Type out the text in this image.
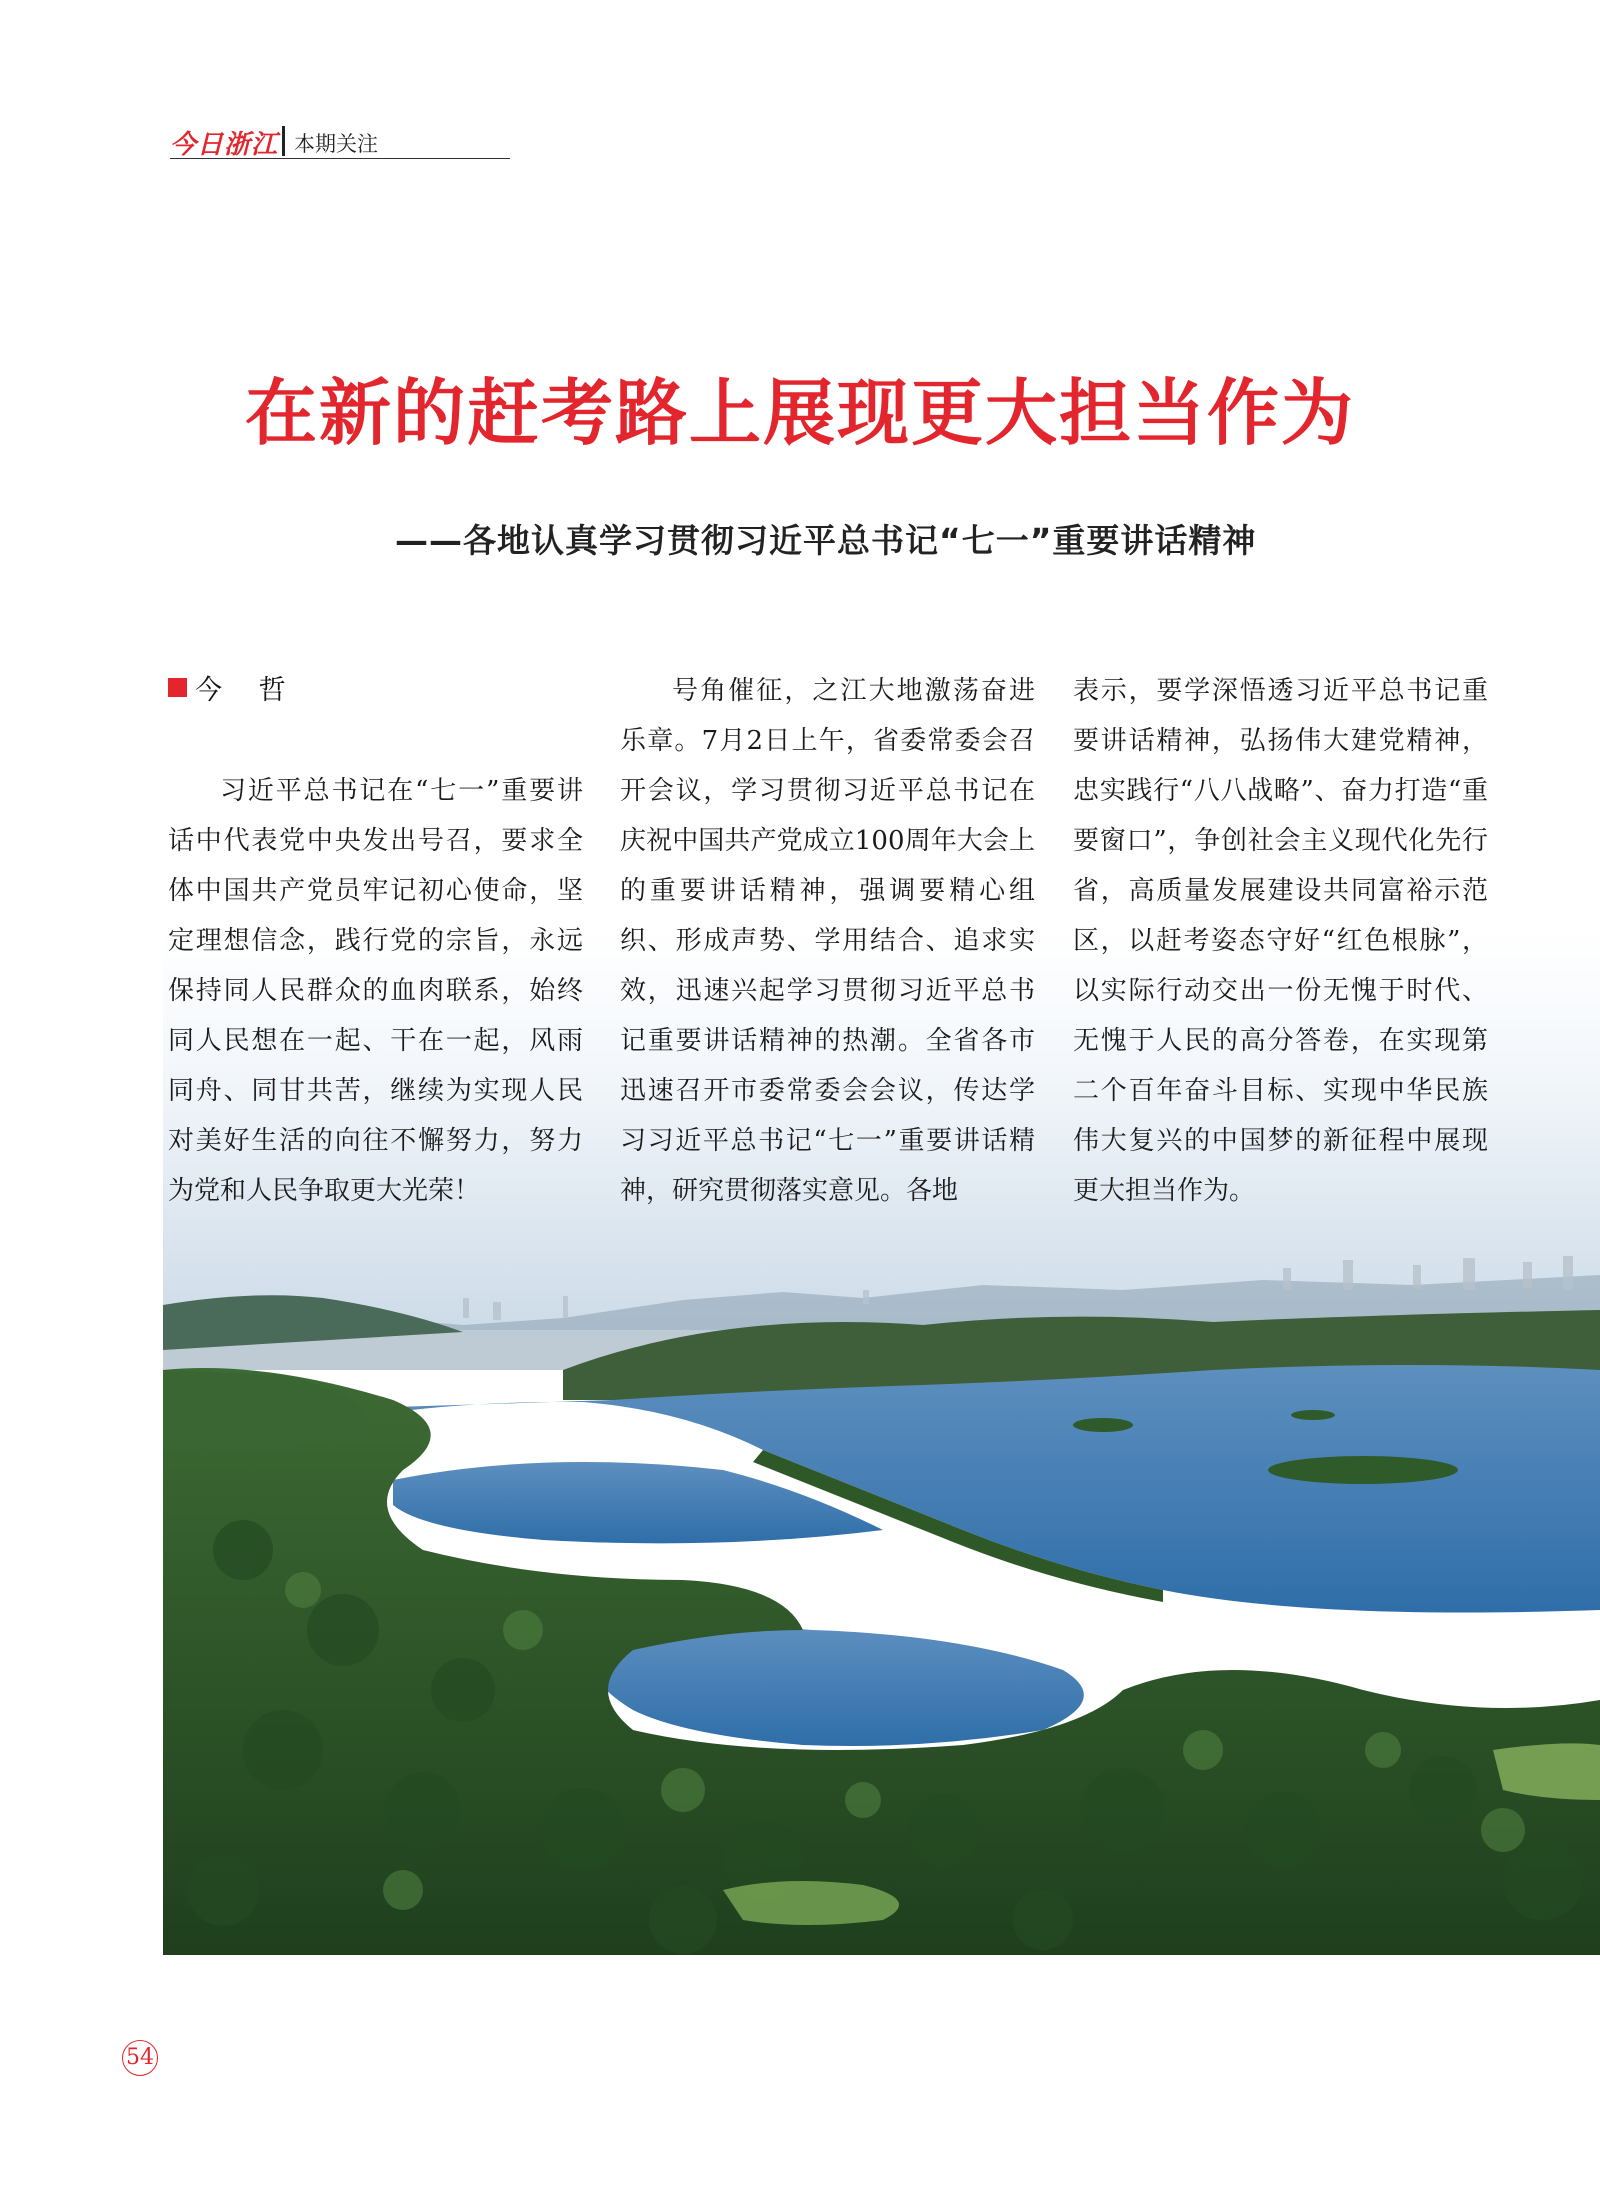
今日浙江 本期关注
在新的赶考路上展现更大担当作为
——各地认真学习贯彻习近平总书记“七一”重要讲话精神
今 哲

习近平总书记在“七一”重要讲话中代表党中央发出号召，要求全体中国共产党员牢记初心使命，坚定理想信念，践行党的宗旨，永远保持同人民群众的血肉联系，始终同人民想在一起、干在一起，风雨同舟、同甘共苦，继续为实现人民对美好生活的向往不懈努力，努力为党和人民争取更大光荣！

号角催征，之江大地激荡奋进乐章。7月2日上午，省委常委会召开会议，学习贯彻习近平总书记在庆祝中国共产党成立100周年大会上的重要讲话精神，强调要精心组织、形成声势、学用结合、追求实效，迅速兴起学习贯彻习近平总书记重要讲话精神的热潮。全省各市迅速召开市委常委会会议，传达学习习近平总书记“七一”重要讲话精神，研究贯彻落实意见。各地

表示，要学深悟透习近平总书记重要讲话精神，弘扬伟大建党精神，忠实践行“八八战略”、奋力打造“重要窗口”，争创社会主义现代化先行省，高质量发展建设共同富裕示范区，以赶考姿态守好“红色根脉”，以实际行动交出一份无愧于时代、无愧于人民的高分答卷，在实现第二个百年奋斗目标、实现中华民族伟大复兴的中国梦的新征程中展现更大担当作为。

54
